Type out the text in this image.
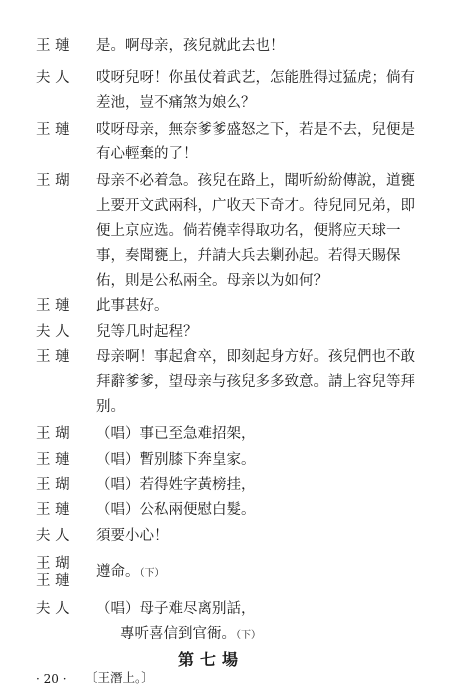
王 璉 是。啊母亲，孩兒就此去也！
夫 人 哎呀兒呀！你虽仗着武艺，怎能胜得过猛虎；倘有
差池，豈不痛煞为娘么？
王 璉 哎呀母亲，無奈爹爹盛怒之下，若是不去，兒便是
有心輕棄的了！
王 瑚 母亲不必着急。孩兒在路上，聞听紛紛傳說，道甕
上要开文武兩科，广收天下奇才。待兒同兄弟，即
便上京应选。倘若僥幸得取功名，便將应天球一
事，奏聞甕上，幷請大兵去剿孙起。若得天賜保
佑，則是公私兩全。母亲以为如何？
王 璉 此事甚好。
夫 人 兒等几时起程？
王 璉 母亲啊！事起倉卒，即刻起身方好。孩兒們也不敢
拜辭爹爹，望母亲与孩兒多多致意。請上容兒等拜
别。
王 瑚 （唱）事已至急难招架，
王 璉 （唱）暫别膝下奔皇家。
王 瑚 （唱）若得姓字黃榜挂，
王 璉 （唱）公私兩便慰白髮。
夫 人 須要小心！
王 瑚
王 璉
遵命。（下）
夫 人 （唱）母子难尽离别話，
專听喜信到官衙。（下）
第七場
〔王潛上。〕
· 20 ·
